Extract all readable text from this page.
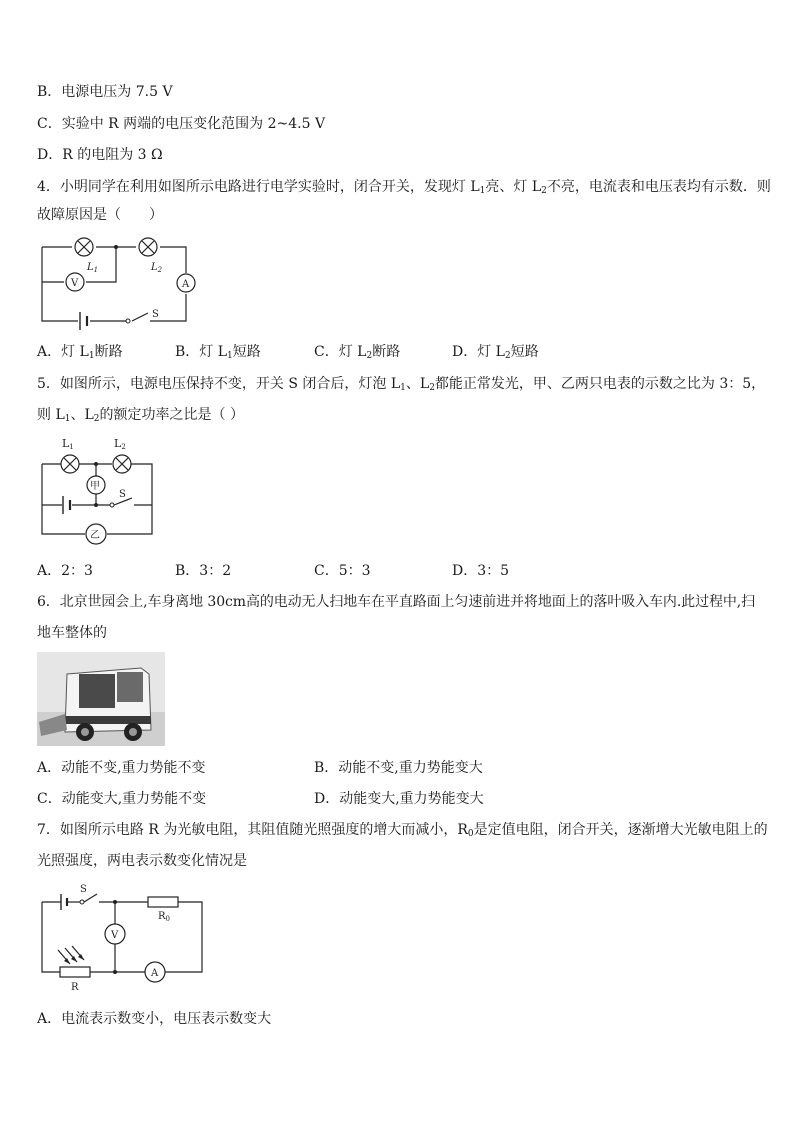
B．电源电压为 7.5 V
C．实验中 R 两端的电压变化范围为 2~4.5 V
D．R 的电阻为 3 Ω
4．小明同学在利用如图所示电路进行电学实验时，闭合开关，发现灯 $L_1$亮、灯 $L_2$不亮，电流表和电压表均有示数．则
故障原因是（　　）
$L_1$	$L_2$
V	A
S
A．灯 $L_1$断路	B．灯 $L_1$短路	C．灯 $L_2$断路	D．灯 $L_2$短路
5．如图所示，电源电压保持不变，开关 S 闭合后，灯泡 $L_1$、$L_2$都能正常发光，甲、乙两只电表的示数之比为 3：5，
则 $L_1$、$L_2$的额定功率之比是（ ）
L1	L2
甲
乙
S
A．2：3	B．3：2	C．5：3	D．3：5
6．北京世园会上,车身离地 30cm高的电动无人扫地车在平直路面上匀速前进并将地面上的落叶吸入车内.此过程中,扫
地车整体的
A．动能不变,重力势能不变	B．动能不变,重力势能变大
C．动能变大,重力势能不变	D．动能变大,重力势能变大
7．如图所示电路 R 为光敏电阻，其阻值随光照强度的增大而减小，$R_0$是定值电阻，闭合开关，逐渐增大光敏电阻上的
光照强度，两电表示数变化情况是
S
$R_0$
V
A
R
A．电流表示数变小，电压表示数变大
